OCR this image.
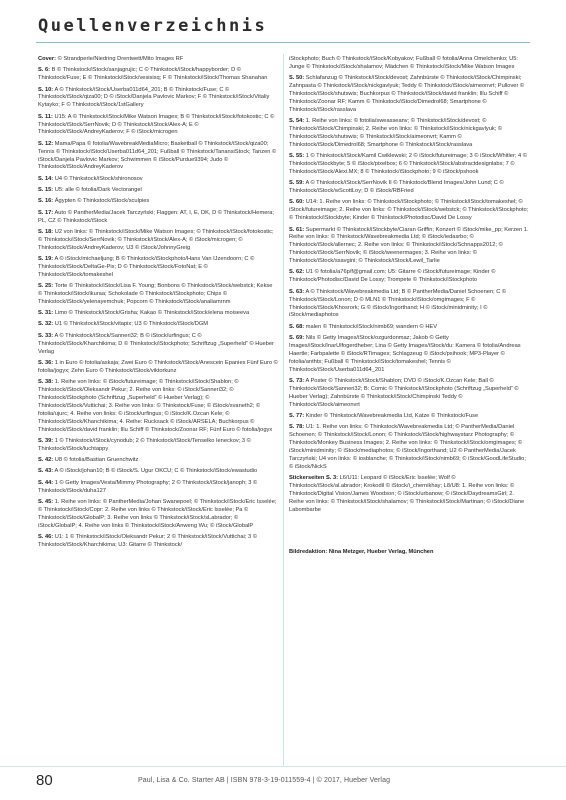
Quellenverzeichnis

Cover: © Strandperle/Niedring Drentwett/Mito Images RF

S. 6: B © Thinkstock/iStock/sanjagrujic; C © Thinkstock/iStock/happyborder; D © Thinkstock/Fuse; E © Thinkstock/iStock/vesisisq; F © Thinkstock/iStock/Thomas Shanahan

S. 10: A © Thinkstock/iStock/Userba011d64_201; B © Thinkstock/Fuse; C © Thinkstock/iStock/qiza00; D © iStock/Danjela Pavlovic Markov; F © Thinkstock/iStock/Vitaliy Kytayko; F © Thinkstock/iStock/1stGallery

S. 11: U15: A © Thinkstock/iStock/Mike Watson Images; B © Thinkstock/iStock/fotokostic; C © Thinkstock/iStock/SerrNovik; D © Thinkstock/iStock/Alex-A; E © Thinkstock/iStock/AndreyKaderov; F © iStock/microgen

S. 12: Mama/Papa © fotolia/WavebreakMediaMicro; Basketball © Thinkstock/iStock/qiza00; Tennis © Thinkstock/iStock/Userba011d64_201; Fußball © Thinkstock/TanansiStock; Tanzen © iStock/Danjela Pavlovic Markov; Schwimmen © iStock/Purdue9394; Judo © Thinkstock/iStock/AndreyKaderov

S. 14: U4 © Thinkstock/iStock/shironosov

S. 15: U5: alle © fotolia/Dark Vectorangel

S. 16: Ägypten © Thinkstock/iStock/sculpies

S. 17: Auto © PantherMedia/Jacek Tarczyński; Flaggen: AT, I, E, DK, D © Thinkstock/Hemera; PL, CZ © Thinkstock/iStock

S. 18: U2 von links: © Thinkstock/iStock/Mike Watson Images; © Thinkstock/iStock/fotokostic; © Thinkstock/iStock/SerrNovik; © Thinkstock/iStock/Alex-A; © iStock/microgen; © Thinkstock/iStock/AndreyKaderov; U3 © iStock/JohnnyGreig

S. 19: A © iStock/michaeljung; B © Thinkstock/iStockphoto/Hans Van IJzendoorn; C © Thinkstock/iStock/DeltaGe-Pix; D © Thinkstock/iStock/FotoNat; E © Thinkstock/iStock/tomakeshel

S. 25: Torte © Thinkstock/iStock/Lisa F. Young; Bonbons © Thinkstock/iStock/webstck; Kekse © Thinkstock/iStock/ikuraa; Schokolade © Thinkstock/iStockphoto; Chips © Thinkstock/iStock/yelenayemchuk; Popcorn © Thinkstock/iStock/analiamrnm

S. 31: Limo © Thinkstock/iStock/Grisha; Kakao © Thinkstock/iStock/elena moiseeva

S. 32: U1 © Thinkstock/iStock/vitapix; U3 © Thinkstock/iStock/DGM

S. 33: A © Thinkstock/iStock/Sanneri32; B © iStock/urfingus; C © Thinkstock/iStock/Kharchikima; D © Thinkstock/iStockphoto; Schriftzug „Superheld“ © Hueber Verlag

S. 36: 1 in Euro © fotolia/askaja; Zwei Euro © Thinkstock/iStock/Anescein Epanies Fünf Euro © fotolia/jogyx; Zehn Euro © Thinkstock/iStock/viktorkunz

S. 38: 1. Reihe von links: © iStock/futureimage; © Thinkstock/iStock/Shablon; © Thinkstock/iStock/Oleksandr Pekur; 2. Reihe von links: © iStock/Sanneri32; © Thinkstock/iStockphoto (Schriftzug „Superheld“ © Hueber Verlag); © Thinkstock/iStock/Vuttichai; 3. Reihe von links: © Thinkstock/Fuse; © iStock/svaneth2; © fotolia/ujurc; 4. Reihe von links: © iStock/urfingus; © iStock/K.Ozcan Kele; © Thinkstock/iStock/Khanchikima; 4. Reihe: Rucksack © iStock/ARSELA; Buchkorpus © Thinkstock/iStock/david franklin; Illu Schiff © Thinkstock/Zoonar RF; Fünf Euro © fotolia/jogyx

S. 39: 1 © Thinkstock/iStock/cynodub; 2 © Thinkstock/iStock/Tenselko Ieneckov; 3 © Thinkstock/iStock/luchtappy

S. 42: U8 © fotolia/Bastian Gruenchwitz

S. 43: A © iStock/johan10; B © iStock/S. Ugur OKCU; C © Thinkstock/iStock/ewastudio

S. 44: 1 © Getty Images/Vesta/Mimmy Photography; 2 © Thinkstock/iStock/janoph; 3 © Thinkstock/iStock/duha127

S. 45: 1. Reihe von links: © PantherMedia/Johan Swanepoel; © Thinkstock/iStock/Eric Isselée; © Thinkstock/iStock/Copr: 2. Reihe von links © Thinkstock/iStock/Eric Isselée; Pa © Thinkstock/iStock/GlobalP; 3. Reihe von links © Thinkstock/iStock/sLabrador; © iStock/GlobalP; 4. Reihe von links © Thinkstock/iStock/Anweng Wu; © iStock/GlobalP

S. 46: U1: 1 © Thinkstock/iStock/Oleksandr Pekur; 2 © Thinkstock/iStock/Vuttichai; 3 © Thinkstock/iStock/Kharchikima; U3: Gitarre © Thinkstock/

iStockphoto; Buch © Thinkstock/iStock/Kobyakov; Fußball © fotolia/Anna Omelchenko; U5: Junge © Thinkstock/iStock/shalamov; Mädchen © Thinkstock/iStock/Mike Watson Images

S. 50: Schlafanzug © Thinkstock/iStock/devost; Zahnbürste © Thinkstock/iStock/Chimpinski; Zahnpasta © Thinkstock/iStock/nickgavlyuk; Teddy © Thinkstock/iStock/aimeonvrt; Pullover © Thinkstock/iStock/shutswis; Buchkorpus © Thinkstock/iStock/david franklin; Illu Schiff © Thinkstock/Zoonar RF; Kamm © Thinkstock/iStock/Dimedrol68; Smartphone © Thinkstock/iStock/rasslava

S. 54: 1. Reihe von links: © fotolia/sweasseanv; © Thinkstock/iStock/devost; © Thinkstock/iStock/Chimpinski; 2. Reihe von links: © Thinkstock/iStock/nickgavlyuk; © Thinkstock/iStock/shutswis; © Thinkstock/iStock/aimeonvrt; Kamm © Thinkstock/iStock/Dimedrol68; Smartphone © Thinkstock/iStock/rasslava

S. 55: 1 © Thinkstock/iStock/Kamil Cwiklewski; 2 © iStock/futureimage; 3 © iStock/Whitler; 4 © Thinkstock/iStockbyte; 5 © iStock/pixelbox; 6 © Thinkstock/iStock/abstractdesignlabs; 7 © Thinkstock/iStock/Alexi.MX; 8 © Thinkstock/iStockphoto; 9 © iStock/pshook

S. 59: A © Thinkstock/iStock/SerrNovik II © Thinkstock/Blend Images/John Lund; C © Thinkstock/iStock/wScottLoy; D © iStock/RBFried

S. 60: U14: 1. Reihe von links: © Thinkstock/iStockphoto; © Thinkstock/iStock/tomakeshel; © iStock/futureimage; 2. Reihe von links: © Thinkstock/iStock/webstck; © Thinkstock/iStockphoto; © Thinkstock/iStockbyte; Kinder © Thinkstock/Photodisc/David De Lossy

S. 61: Supermarkt © Thinkstock/iStockbyte/Ciaran Griffin; Konzert © iStock/mike_pp; Kerzen 1. Reihe von links: © Thinkstock/Wavebreakmedia Ltd; © iStock/iedasrbo; © Thinkstock/iStock/allernec; 2. Reihe von links: © Thinkstock/iStock/Schnapps2012; © Thinkstock/iStock/SerrNovik; © iStock/weenermages; 3. Reihe von links: © Thinkstock/iStock/ssavgini; © Thinkstock/iStock/Lewil_Tarlie

S. 62: U1 © fotolia/a76p/f@gmail.com; U5: Gitarre © iStock/futureimage; Kinder © Thinkstock/Photodisc/David De Lossy; Trompete © Thinkstock/iStockphoto

S. 63: A © Thinkstock/Wavebreakmedia Ltd; B © PantherMedia/Daniel Schoenen; C © Thinkstock/iStock/Lonon; D © MLN1 © Thinkstock/iStock/omgimages; F © Thinkstock/iStock/Khosrork; G © iStock/Ingorthand; H © iStock/minidminity; I © iStock/mediaphotos

S. 68: malen © Thinkstock/iStock/nimb69; wandern © HEV

S. 69: Nils © Getty Images/iStock/ozgurdonmaz; Jakob © Getty Images/iStock/InarUlfogerdheber; Lina © Getty Images/iStock/du: Kamera © fotolia/Andreas Haertle; Farbpalette © iStock/RTimages; Schlagzeug © iStock/psihook; MP3-Player © fotolia/anthts; Fußball © Thinkstock/iStock/tomakeshel; Tennis © Thinkstock/iStock/Userba011d64_201

S. 73: A Poster © Thinkstock/iStock/Shablon; DVD © iStock/K.Ozcan Kele; Ball © Thinkstock/iStock/Sanneri32; B: Comic © Thinkstock/iStockphoto (Schriftzug „Superheld“ © Hueber Verlag); Zahnbürste © Thinkstock/iStock/Chimpinski Teddy © Thinkstock/iStock/aimeonvrt

S. 77: Kinder © Thinkstock/Wavebreakmedia Ltd, Katze © Thinkstock/Fuse

S. 78: U1: 1. Reihe von links: © Thinkstock/Wavebreakmedia Ltd; © PantherMedia/Daniel Schoenen; © Thinkstock/iStock/Lonon; © Thinkstock/iStock/highwaystarz Photography; © Thinkstock/Monkey Business Images; 2. Reihe von links: © Thinkstock/iStock/omgimages; © iStock/minidminity; © iStock/mediaphotos; © iStock/Ingorthand; U2 © PantherMedia/Jacek Tarczyński; U4 von links: © iosblanche; © Thinkstock/iStock/nimb69; © iStock/GoodLifeStudio; © iStock/NickS

Stickerseiten S. 3: L6/U11: Leopard © iStock/Eric Isselée; Wolf © Thinkstock/iStock/al.abrador; Krokodil © iStock/i_chernikhay; L8/U8: 1. Reihe von links: © Thinkstock/Digital Vision/James Woodson; © iStock/urbanow; © iStock/DaydreamsGirl; 2. Reihe von links: © Thinkstock/iStock/shalamov; © Thinkstock/iStock/Martinan; © iStock/Diane Labombarbe

Bildredaktion: Nina Metzger, Hueber Verlag, München

80	Paul, Lisa & Co. Starter AB | ISBN 978-3-19-011559-4 | © 2017, Hueber Verlag
